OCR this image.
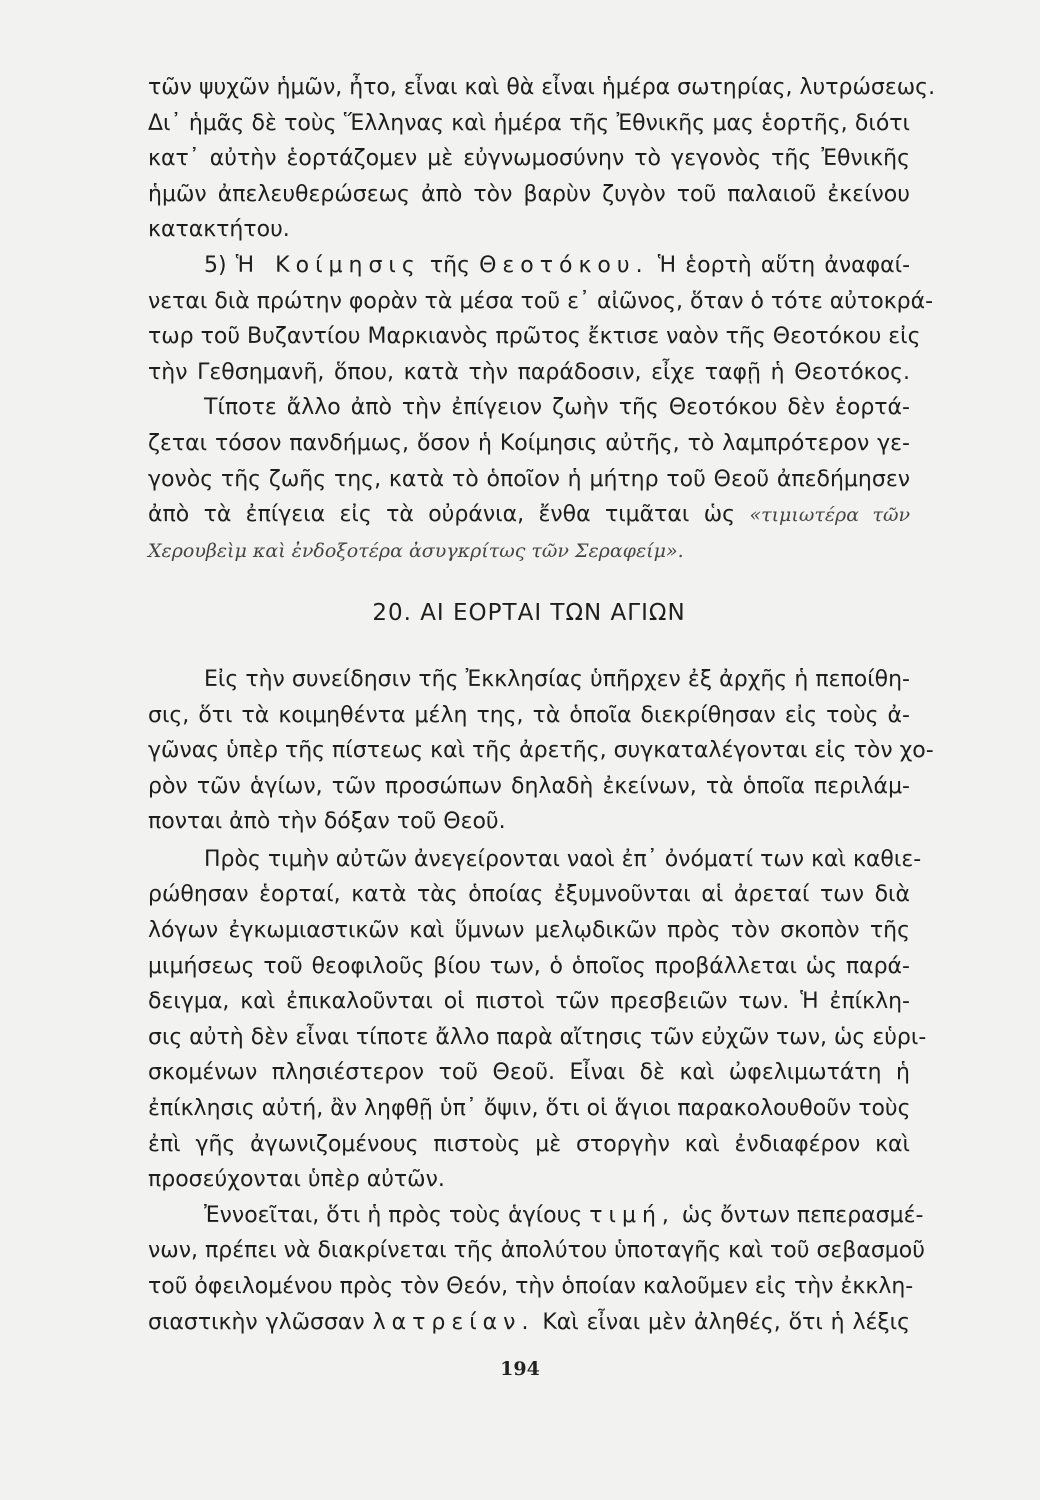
τῶν ψυχῶν ἡμῶν, ἦτο, εἶναι καὶ θὰ εἶναι ἡμέρα σωτηρίας, λυτρώσεως.
Δι᾿ ἡμᾶς δὲ τοὺς Ἕλληνας καὶ ἡμέρα τῆς Ἐθνικῆς μας ἑορτῆς, διότι
κατ᾿ αὐτὴν ἑορτάζομεν μὲ εὐγνωμοσύνην τὸ γεγονὸς τῆς Ἐθνικῆς
ἡμῶν ἀπελευθερώσεως ἀπὸ τὸν βαρὺν ζυγὸν τοῦ παλαιοῦ ἐκείνου
κατακτήτου.
5) Ἡ Κοίμησις τῆς Θεοτόκου. Ἡ ἑορτὴ αὕτη ἀναφαί-
νεται διὰ πρώτην φορὰν τὰ μέσα τοῦ ε᾿ αἰῶνος, ὅταν ὁ τότε αὐτοκρά-
τωρ τοῦ Βυζαντίου Μαρκιανὸς πρῶτος ἔκτισε ναὸν τῆς Θεοτόκου εἰς
τὴν Γεθσημανῆ, ὅπου, κατὰ τὴν παράδοσιν, εἶχε ταφῇ ἡ Θεοτόκος.
Τίποτε ἄλλο ἀπὸ τὴν ἐπίγειον ζωὴν τῆς Θεοτόκου δὲν ἑορτά-
ζεται τόσον πανδήμως, ὅσον ἡ Κοίμησις αὐτῆς, τὸ λαμπρότερον γε-
γονὸς τῆς ζωῆς της, κατὰ τὸ ὁποῖον ἡ μήτηρ τοῦ Θεοῦ ἀπεδήμησεν
ἀπὸ τὰ ἐπίγεια εἰς τὰ οὐράνια, ἔνθα τιμᾶται ὡς «τιμιωτέρα τῶν
Χερουβεὶμ καὶ ἐνδοξοτέρα ἀσυγκρίτως τῶν Σεραφείμ».
20. ΑΙ ΕΟΡΤΑΙ ΤΩΝ ΑΓΙΩΝ
Εἰς τὴν συνείδησιν τῆς Ἐκκλησίας ὑπῆρχεν ἐξ ἀρχῆς ἡ πεποίθη-
σις, ὅτι τὰ κοιμηθέντα μέλη της, τὰ ὁποῖα διεκρίθησαν εἰς τοὺς ἀ-
γῶνας ὑπὲρ τῆς πίστεως καὶ τῆς ἀρετῆς, συγκαταλέγονται εἰς τὸν χο-
ρὸν τῶν ἁγίων, τῶν προσώπων δηλαδὴ ἐκείνων, τὰ ὁποῖα περιλάμ-
πονται ἀπὸ τὴν δόξαν τοῦ Θεοῦ.
Πρὸς τιμὴν αὐτῶν ἀνεγείρονται ναοὶ ἐπ᾿ ὀνόματί των καὶ καθιε-
ρώθησαν ἑορταί, κατὰ τὰς ὁποίας ἐξυμνοῦνται αἱ ἀρεταί των διὰ
λόγων ἐγκωμιαστικῶν καὶ ὕμνων μελῳδικῶν πρὸς τὸν σκοπὸν τῆς
μιμήσεως τοῦ θεοφιλοῦς βίου των, ὁ ὁποῖος προβάλλεται ὡς παρά-
δειγμα, καὶ ἐπικαλοῦνται οἱ πιστοὶ τῶν πρεσβειῶν των. Ἡ ἐπίκλη-
σις αὐτὴ δὲν εἶναι τίποτε ἄλλο παρὰ αἴτησις τῶν εὐχῶν των, ὡς εὑρι-
σκομένων πλησιέστερον τοῦ Θεοῦ. Εἶναι δὲ καὶ ὠφελιμωτάτη ἡ
ἐπίκλησις αὐτή, ἂν ληφθῇ ὑπ᾿ ὄψιν, ὅτι οἱ ἅγιοι παρακολουθοῦν τοὺς
ἐπὶ γῆς ἀγωνιζομένους πιστοὺς μὲ στοργὴν καὶ ἐνδιαφέρον καὶ
προσεύχονται ὑπὲρ αὐτῶν.
Ἐννοεῖται, ὅτι ἡ πρὸς τοὺς ἁγίους τιμή, ὡς ὄντων πεπερασμέ-
νων, πρέπει νὰ διακρίνεται τῆς ἀπολύτου ὑποταγῆς καὶ τοῦ σεβασμοῦ
τοῦ ὀφειλομένου πρὸς τὸν Θεόν, τὴν ὁποίαν καλοῦμεν εἰς τὴν ἐκκλη-
σιαστικὴν γλῶσσαν λατρείαν. Καὶ εἶναι μὲν ἀληθές, ὅτι ἡ λέξις
194
